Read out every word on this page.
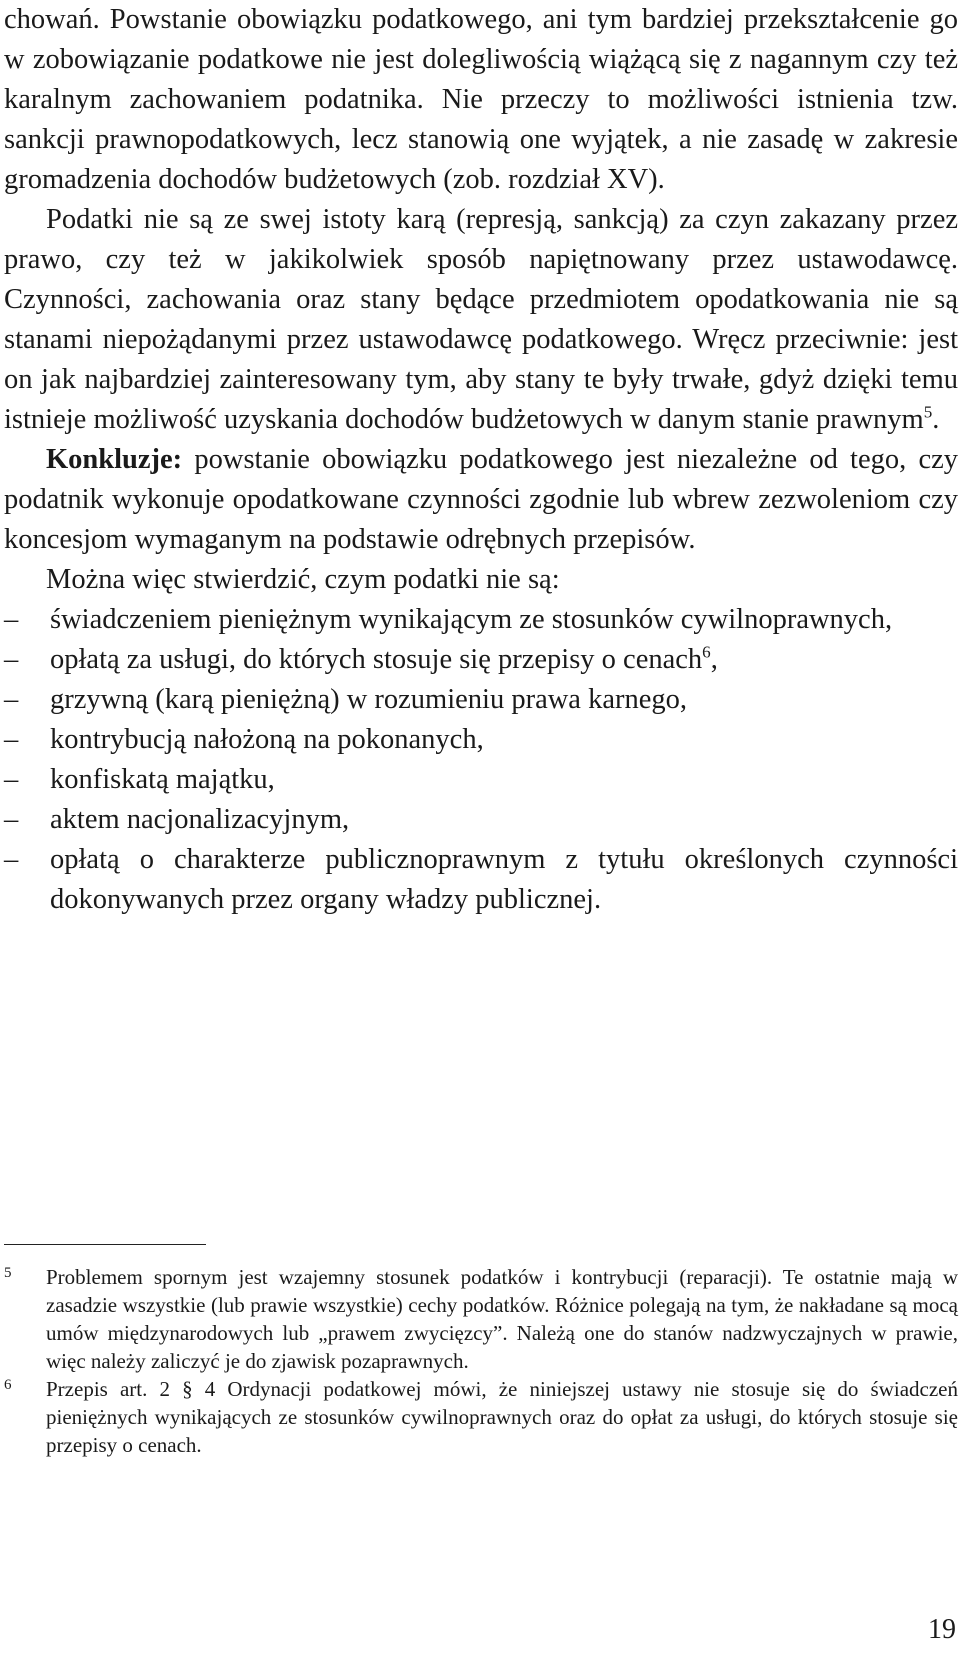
chowań. Powstanie obowiązku podatkowego, ani tym bardziej przekształcenie go w zobowiązanie podatkowe nie jest dolegliwością wiążącą się z nagannym czy też karalnym zachowaniem podatnika. Nie przeczy to możliwości istnienia tzw. sankcji prawnopodatkowych, lecz stanowią one wyjątek, a nie zasadę w zakresie gromadzenia dochodów budżetowych (zob. rozdział XV).

Podatki nie są ze swej istoty karą (represją, sankcją) za czyn zakazany przez prawo, czy też w jakikolwiek sposób napiętnowany przez ustawodawcę. Czynności, zachowania oraz stany będące przedmiotem opodatkowania nie są stanami niepożądanymi przez ustawodawcę podatkowego. Wręcz przeciwnie: jest on jak najbardziej zainteresowany tym, aby stany te były trwałe, gdyż dzięki temu istnieje możliwość uzyskania dochodów budżetowych w danym stanie prawnym$^5$.

Konkluzje: powstanie obowiązku podatkowego jest niezależne od tego, czy podatnik wykonuje opodatkowane czynności zgodnie lub wbrew zezwoleniom czy koncesjom wymaganym na podstawie odrębnych przepisów.

Można więc stwierdzić, czym podatki nie są:

– świadczeniem pieniężnym wynikającym ze stosunków cywilnoprawnych,
– opłatą za usługi, do których stosuje się przepisy o cenach$^6$,
– grzywną (karą pieniężną) w rozumieniu prawa karnego,
– kontrybucją nałożoną na pokonanych,
– konfiskatą majątku,
– aktem nacjonalizacyjnym,
– opłatą o charakterze publicznoprawnym z tytułu określonych czynności dokonywanych przez organy władzy publicznej.

5 Problemem spornym jest wzajemny stosunek podatków i kontrybucji (reparacji). Te ostatnie mają w zasadzie wszystkie (lub prawie wszystkie) cechy podatków. Różnice polegają na tym, że nakładane są mocą umów międzynarodowych lub „prawem zwycięzcy”. Należą one do stanów nadzwyczajnych w prawie, więc należy zaliczyć je do zjawisk pozaprawnych.

6 Przepis art. 2 § 4 Ordynacji podatkowej mówi, że niniejszej ustawy nie stosuje się do świadczeń pieniężnych wynikających ze stosunków cywilnoprawnych oraz do opłat za usługi, do których stosuje się przepisy o cenach.

19
